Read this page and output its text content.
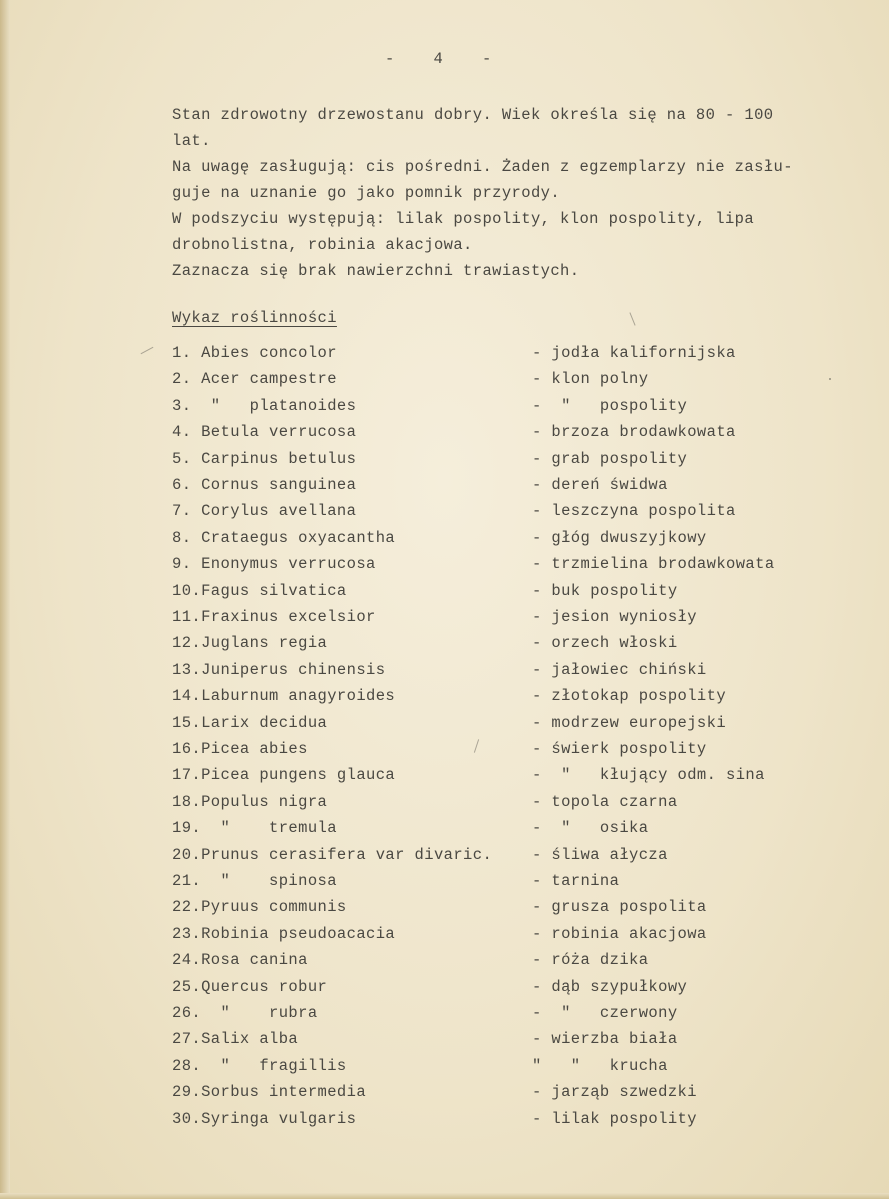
-    4    -
Stan zdrowotny drzewostanu dobry. Wiek określa się na 80 - 100
lat.
Na uwagę zasługują: cis pośredni. Żaden z egzemplarzy nie zasłu-
guje na uznanie go jako pomnik przyrody.
W podszyciu występują: lilak pospolity, klon pospolity, lipa
drobnolistna, robinia akacjowa.
Zaznacza się brak nawierzchni trawiastych.
Wykaz roślinności
1. Abies concolor	- jodła kalifornijska
2. Acer campestre	- klon polny
3.  "   platanoides	-  "   pospolity
4. Betula verrucosa	- brzoza brodawkowata
5. Carpinus betulus	- grab pospolity
6. Cornus sanguinea	- dereń świdwa
7. Corylus avellana	- leszczyna pospolita
8. Crataegus oxyacantha	- głóg dwuszyjkowy
9. Enonymus verrucosa	- trzmielina brodawkowata
10.Fagus silvatica	- buk pospolity
11.Fraxinus excelsior	- jesion wyniosły
12.Juglans regia	- orzech włoski
13.Juniperus chinensis	- jałowiec chiński
14.Laburnum anagyroides	- złotokap pospolity
15.Larix decidua	- modrzew europejski
16.Picea abies	- świerk pospolity
17.Picea pungens glauca	-  "   kłujący odm. sina
18.Populus nigra	- topola czarna
19.  "    tremula	-  "   osika
20.Prunus cerasifera var divaric.	- śliwa ałycza
21.  "    spinosa	- tarnina
22.Pyruus communis	- grusza pospolita
23.Robinia pseudoacacia	- robinia akacjowa
24.Rosa canina	- róża dzika
25.Quercus robur	- dąb szypułkowy
26.  "    rubra	-  "   czerwony
27.Salix alba	- wierzba biała
28.  "   fragillis	"   "   krucha
29.Sorbus intermedia	- jarząb szwedzki
30.Syringa vulgaris	- lilak pospolity
